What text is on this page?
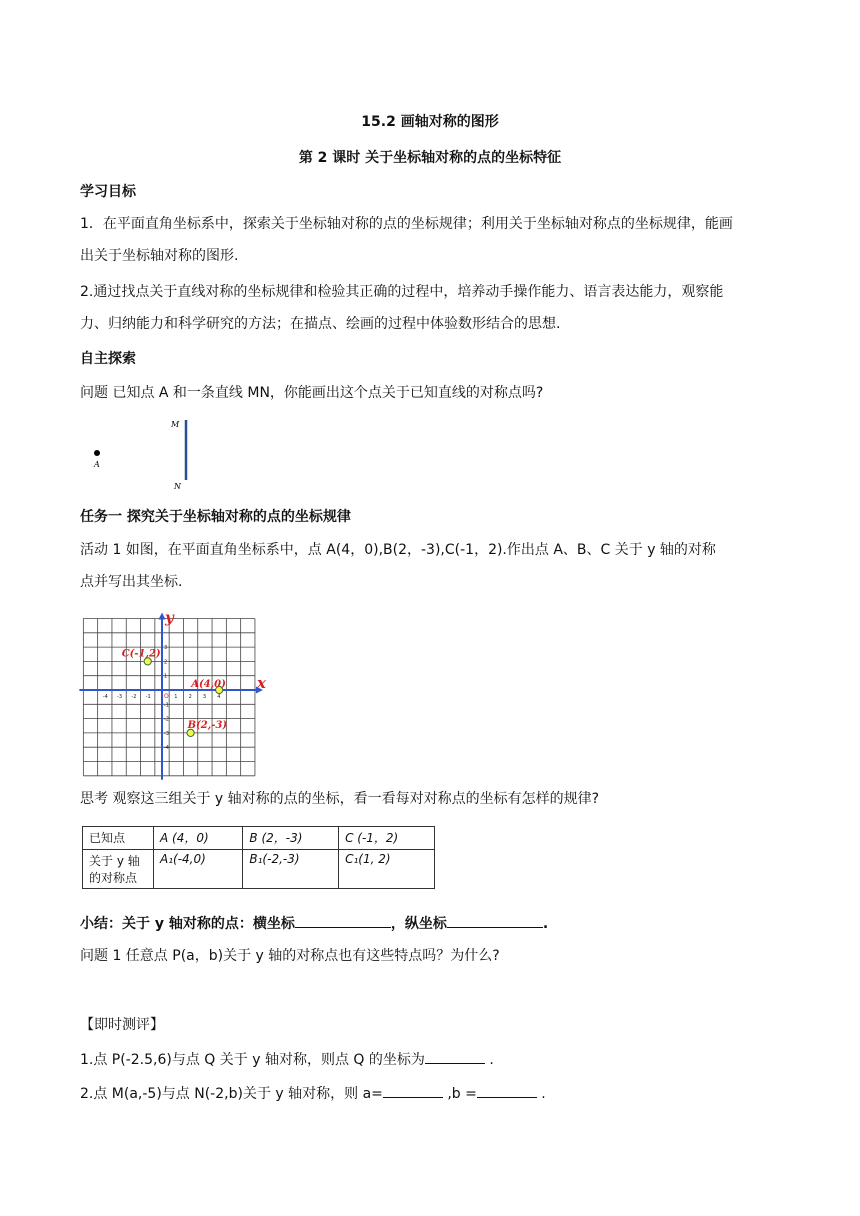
15.2 画轴对称的图形
第 2 课时 关于坐标轴对称的点的坐标特征
学习目标
1．在平面直角坐标系中，探索关于坐标轴对称的点的坐标规律；利用关于坐标轴对称点的坐标规律，能画
出关于坐标轴对称的图形.
2.通过找点关于直线对称的坐标规律和检验其正确的过程中，培养动手操作能力、语言表达能力，观察能
力、归纳能力和科学研究的方法；在描点、绘画的过程中体验数形结合的思想.
自主探索
问题 已知点 A 和一条直线 MN，你能画出这个点关于已知直线的对称点吗?
A
M
N
任务一 探究关于坐标轴对称的点的坐标规律
活动 1 如图，在平面直角坐标系中，点 A(4，0),B(2，-3),C(-1，2).作出点 A、B、C 关于 y 轴的对称
点并写出其坐标.
-4 -3 -2 -1	1 2 3 4
3
2
1
-1
-2
-3
-4
C(-1,2)
A(4,0)
B(2,-3)
x
y
O
思考 观察这三组关于 y 轴对称的点的坐标，看一看每对对称点的坐标有怎样的规律?
已知点	A (4，0)	B (2，-3)	C (-1，2)
关于 y 轴
的对称点	A₁(-4,0)	B₁(-2,-3)	C₁(1, 2)
小结：关于 y 轴对称的点：横坐标	，纵坐标	.
问题 1 任意点 P(a，b)关于 y 轴的对称点也有这些特点吗？为什么?
【即时测评】
1.点 P(-2.5,6)与点 Q 关于 y 轴对称，则点 Q 的坐标为	.
2.点 M(a,-5)与点 N(-2,b)关于 y 轴对称，则 a=	,b =	.
